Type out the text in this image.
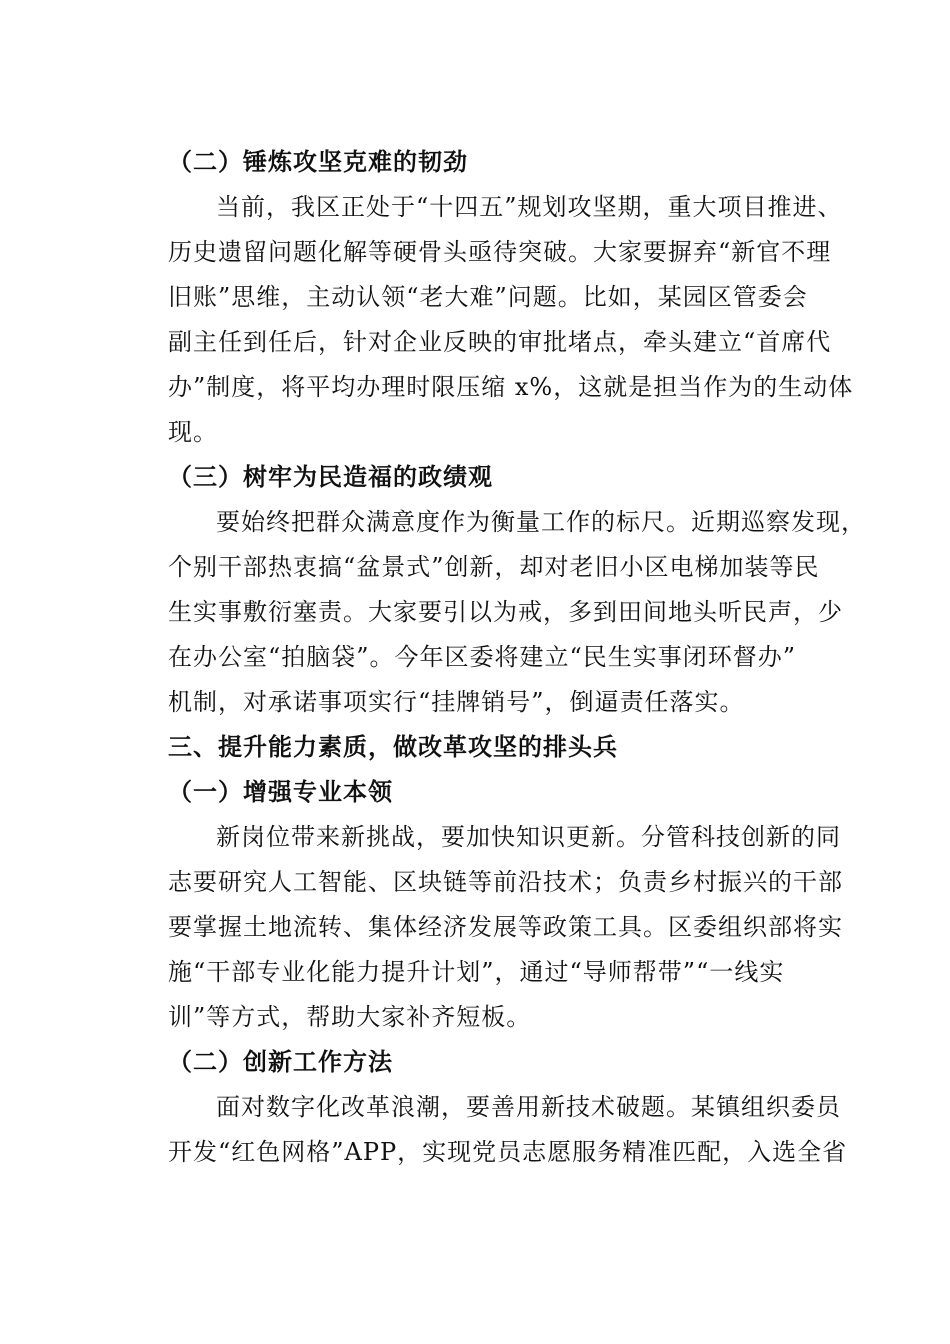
（二）锤炼攻坚克难的韧劲
当前，我区正处于“十四五”规划攻坚期，重大项目推进、
历史遗留问题化解等硬骨头亟待突破。大家要摒弃“新官不理
旧账”思维，主动认领“老大难”问题。比如，某园区管委会
副主任到任后，针对企业反映的审批堵点，牵头建立“首席代
办”制度，将平均办理时限压缩 x%，这就是担当作为的生动体
现。
（三）树牢为民造福的政绩观
要始终把群众满意度作为衡量工作的标尺。近期巡察发现，
个别干部热衷搞“盆景式”创新，却对老旧小区电梯加装等民
生实事敷衍塞责。大家要引以为戒，多到田间地头听民声，少
在办公室“拍脑袋”。今年区委将建立“民生实事闭环督办”
机制，对承诺事项实行“挂牌销号”，倒逼责任落实。
三、提升能力素质，做改革攻坚的排头兵
（一）增强专业本领
新岗位带来新挑战，要加快知识更新。分管科技创新的同
志要研究人工智能、区块链等前沿技术；负责乡村振兴的干部
要掌握土地流转、集体经济发展等政策工具。区委组织部将实
施“干部专业化能力提升计划”，通过“导师帮带”“一线实
训”等方式，帮助大家补齐短板。
（二）创新工作方法
面对数字化改革浪潮，要善用新技术破题。某镇组织委员
开发“红色网格”APP，实现党员志愿服务精准匹配，入选全省
